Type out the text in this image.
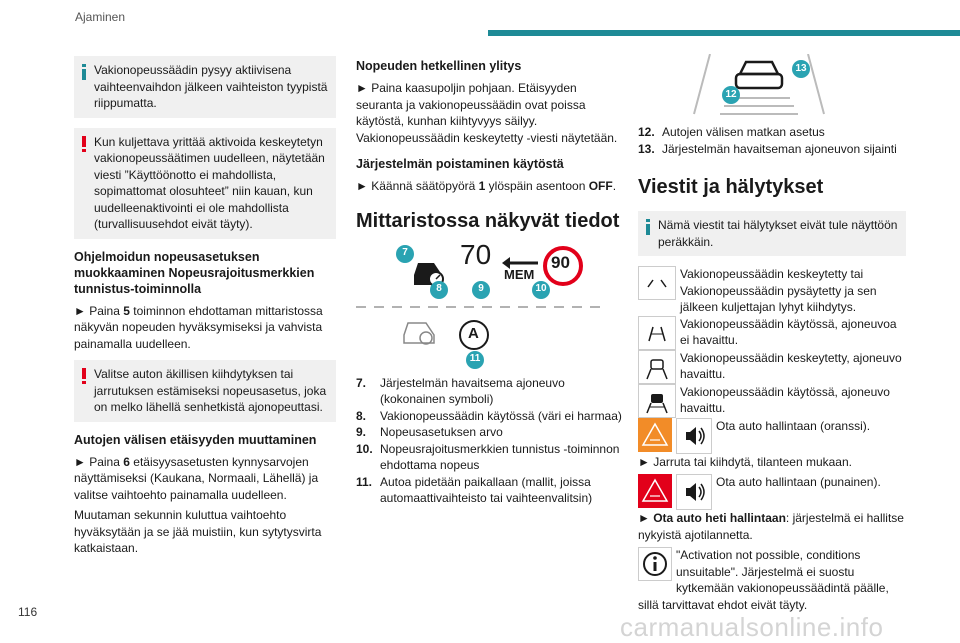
Ajaminen

Vakionopeussäädin pysyy aktiivisena vaihteenvaihdon jälkeen vaihteiston tyypistä riippumatta.

Kun kuljettava yrittää aktivoida keskeytetyn vakionopeussäätimen uudelleen, näytetään viesti ”Käyttöönotto ei mahdollista, sopimattomat olosuhteet” niin kauan, kun uudelleenaktivointi ei ole mahdollista (turvallisuusehdot eivät täyty).

Ohjelmoidun nopeusasetuksen muokkaaminen Nopeusrajoitusmerkkien tunnistus-toiminnolla

► Paina 5 toiminnon ehdottaman mittaristossa näkyvän nopeuden hyväksymiseksi ja vahvista painamalla uudelleen.

Valitse auton äkillisen kiihdytyksen tai jarrutuksen estämiseksi nopeusasetus, joka on melko lähellä senhetkistä ajonopeuttasi.

Autojen välisen etäisyyden muuttaminen

► Paina 6 etäisyysasetusten kynnysarvojen näyttämiseksi (Kaukana, Normaali, Lähellä) ja valitse vaihtoehto painamalla uudelleen.

Muutaman sekunnin kuluttua vaihtoehto hyväksytään ja se jää muistiin, kun sytytysvirta katkaistaan.

Nopeuden hetkellinen ylitys

► Paina kaasupoljin pohjaan. Etäisyyden seuranta ja vakionopeussäädin ovat poissa käytöstä, kunhan kiihtyvyys säilyy. Vakionopeussäädin keskeytetty -viesti näytetään.

Järjestelmän poistaminen käytöstä

► Käännä säätöpyörä 1 ylöspäin asentoon OFF.

Mittaristossa näkyvät tiedot
7
8
70
9
MEM
90
10
A
11
7.	Järjestelmän havaitsema ajoneuvo (kokonainen symboli)
8.	Vakionopeussäädin käytössä (väri ei harmaa)
9.	Nopeusasetuksen arvo
10. Nopeusrajoitusmerkkien tunnistus -toiminnon ehdottama nopeus
11. Autoa pidetään paikallaan (mallit, joissa automaattivaihteisto tai vaihteenvalitsin)
13
12
12. Autojen välisen matkan asetus
13. Järjestelmän havaitseman ajoneuvon sijainti
Viestit ja hälytykset

Nämä viestit tai hälytykset eivät tule näyttöön peräkkäin.

Vakionopeussäädin keskeytetty tai Vakionopeussäädin pysäytetty ja sen jälkeen kuljettajan lyhyt kiihdytys.
Vakionopeussäädin käytössä, ajoneuvoa ei havaittu.
Vakionopeussäädin keskeytetty, ajoneuvo havaittu.
Vakionopeussäädin käytössä, ajoneuvo havaittu.
Ota auto hallintaan (oranssi).

► Jarruta tai kiihdytä, tilanteen mukaan.

Ota auto hallintaan (punainen).

► Ota auto heti hallintaan: järjestelmä ei hallitse nykyistä ajotilannetta.

"Activation not possible, conditions unsuitable". Järjestelmä ei suostu kytkemään vakionopeussäädintä päälle, sillä tarvittavat ehdot eivät täyty.
116	carmanualsonline.info
